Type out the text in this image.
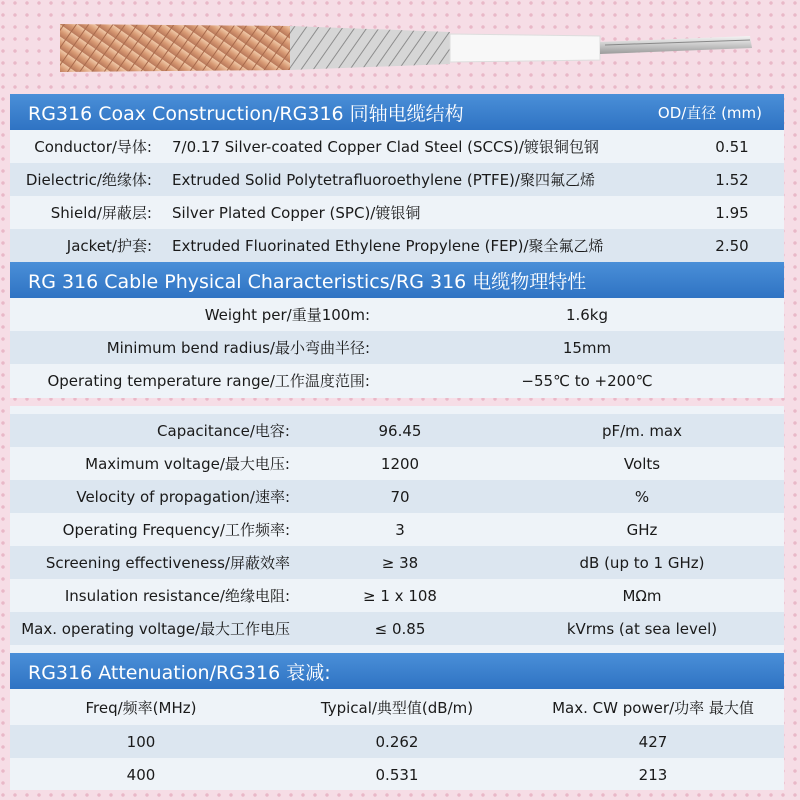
RG316 Coax Construction/RG316 同轴电缆结构	OD/直径 (mm)
Conductor/导体:	7/0.17 Silver-coated Copper Clad Steel (SCCS)/镀银铜包钢	0.51
Dielectric/绝缘体:	Extruded Solid Polytetrafluoroethylene (PTFE)/聚四氟乙烯	1.52
Shield/屏蔽层:	Silver Plated Copper (SPC)/镀银铜	1.95
Jacket/护套:	Extruded Fluorinated Ethylene Propylene (FEP)/聚全氟乙烯	2.50
RG 316 Cable Physical Characteristics/RG 316 电缆物理特性
Weight per/重量100m:	1.6kg
Minimum bend radius/最小弯曲半径:	15mm
Operating temperature range/工作温度范围:	−55℃ to +200℃
Capacitance/电容:	96.45	pF/m. max
Maximum voltage/最大电压:	1200	Volts
Velocity of propagation/速率:	70	%
Operating Frequency/工作频率:	3	GHz
Screening effectiveness/屏蔽效率	≥ 38	dB (up to 1 GHz)
Insulation resistance/绝缘电阻:	≥ 1 x 108	MΩm
Max. operating voltage/最大工作电压	≤ 0.85	kVrms (at sea level)
RG316 Attenuation/RG316 衰减:
Freq/频率(MHz)	Typical/典型值(dB/m)	Max. CW power/功率 最大值
100	0.262	427
400	0.531	213
